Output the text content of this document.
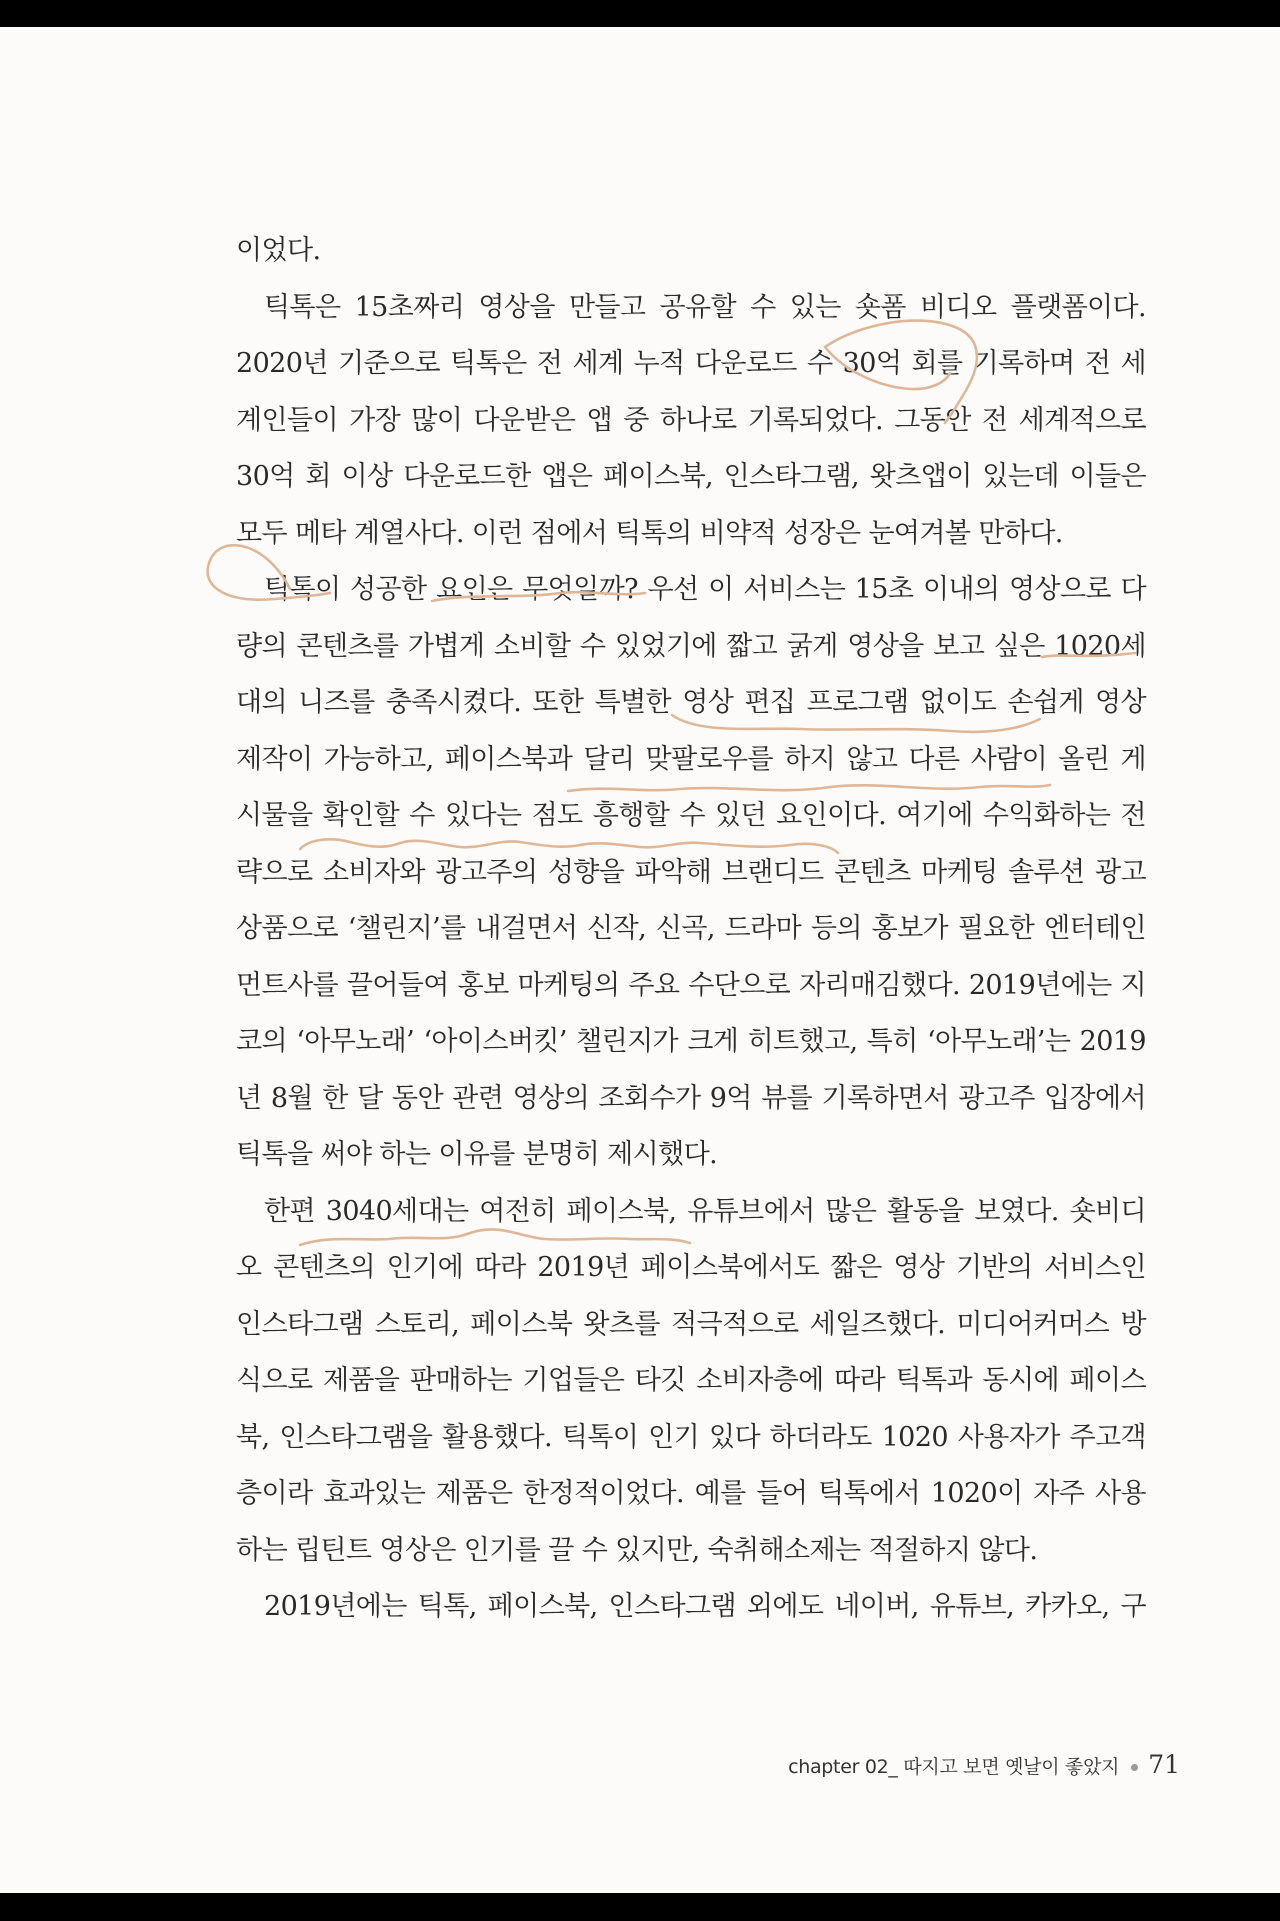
이었다.
틱톡은 15초짜리 영상을 만들고 공유할 수 있는 숏폼 비디오 플랫폼이다.
2020년 기준으로 틱톡은 전 세계 누적 다운로드 수 30억 회를 기록하며 전 세
계인들이 가장 많이 다운받은 앱 중 하나로 기록되었다. 그동안 전 세계적으로
30억 회 이상 다운로드한 앱은 페이스북, 인스타그램, 왓츠앱이 있는데 이들은
모두 메타 계열사다. 이런 점에서 틱톡의 비약적 성장은 눈여겨볼 만하다.
틱톡이 성공한 요인은 무엇일까? 우선 이 서비스는 15초 이내의 영상으로 다
량의 콘텐츠를 가볍게 소비할 수 있었기에 짧고 굵게 영상을 보고 싶은 1020세
대의 니즈를 충족시켰다. 또한 특별한 영상 편집 프로그램 없이도 손쉽게 영상
제작이 가능하고, 페이스북과 달리 맞팔로우를 하지 않고 다른 사람이 올린 게
시물을 확인할 수 있다는 점도 흥행할 수 있던 요인이다. 여기에 수익화하는 전
략으로 소비자와 광고주의 성향을 파악해 브랜디드 콘텐츠 마케팅 솔루션 광고
상품으로 ‘챌린지’를 내걸면서 신작, 신곡, 드라마 등의 홍보가 필요한 엔터테인
먼트사를 끌어들여 홍보 마케팅의 주요 수단으로 자리매김했다. 2019년에는 지
코의 ‘아무노래’ ‘아이스버킷’ 챌린지가 크게 히트했고, 특히 ‘아무노래’는 2019
년 8월 한 달 동안 관련 영상의 조회수가 9억 뷰를 기록하면서 광고주 입장에서
틱톡을 써야 하는 이유를 분명히 제시했다.
한편 3040세대는 여전히 페이스북, 유튜브에서 많은 활동을 보였다. 숏비디
오 콘텐츠의 인기에 따라 2019년 페이스북에서도 짧은 영상 기반의 서비스인
인스타그램 스토리, 페이스북 왓츠를 적극적으로 세일즈했다. 미디어커머스 방
식으로 제품을 판매하는 기업들은 타깃 소비자층에 따라 틱톡과 동시에 페이스
북, 인스타그램을 활용했다. 틱톡이 인기 있다 하더라도 1020 사용자가 주고객
층이라 효과있는 제품은 한정적이었다. 예를 들어 틱톡에서 1020이 자주 사용
하는 립틴트 영상은 인기를 끌 수 있지만, 숙취해소제는 적절하지 않다.
2019년에는 틱톡, 페이스북, 인스타그램 외에도 네이버, 유튜브, 카카오, 구
chapter 02_ 따지고 보면 옛날이 좋았지 71
